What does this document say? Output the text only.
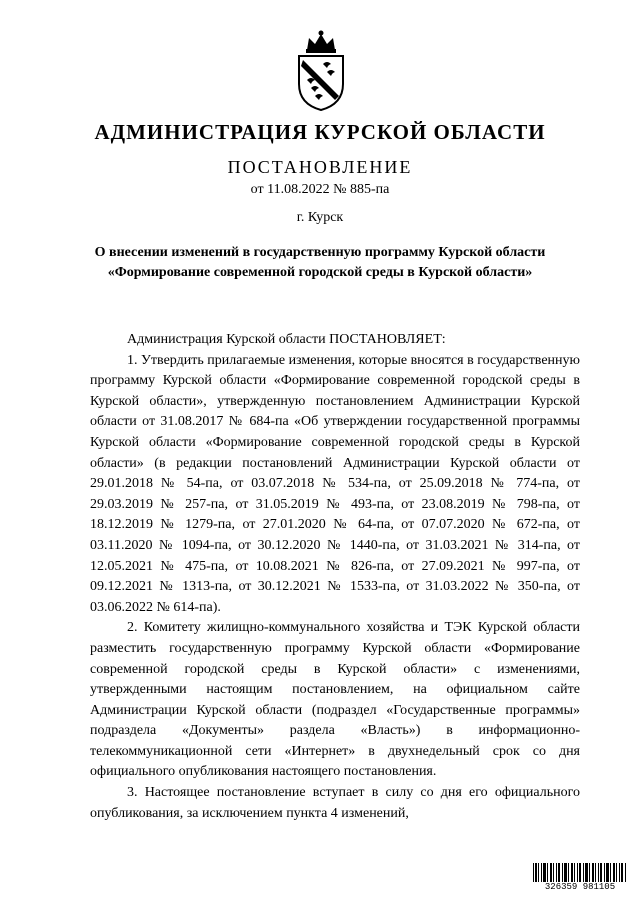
АДМИНИСТРАЦИЯ КУРСКОЙ ОБЛАСТИ
ПОСТАНОВЛЕНИЕ
от 11.08.2022 № 885-па
г. Курск
О внесении изменений в государственную программу Курской области «Формирование современной городской среды в Курской области»

Администрация Курской области ПОСТАНОВЛЯЕТ:

1. Утвердить прилагаемые изменения, которые вносятся в государственную программу Курской области «Формирование современной городской среды в Курской области», утвержденную постановлением Администрации Курской области от 31.08.2017 № 684-па «Об утверждении государственной программы Курской области «Формирование современной городской среды в Курской области» (в редакции постановлений Администрации Курской области от 29.01.2018 № 54-па, от 03.07.2018 № 534-па, от 25.09.2018 № 774-па, от 29.03.2019 № 257-па, от 31.05.2019 № 493-па, от 23.08.2019 № 798-па, от 18.12.2019 № 1279-па, от 27.01.2020 № 64-па, от 07.07.2020 № 672-па, от 03.11.2020 № 1094-па, от 30.12.2020 № 1440-па, от 31.03.2021 № 314-па, от 12.05.2021 № 475-па, от 10.08.2021 № 826-па, от 27.09.2021 № 997-па, от 09.12.2021 № 1313-па, от 30.12.2021 № 1533-па, от 31.03.2022 № 350-па, от 03.06.2022 № 614-па).

2. Комитету жилищно-коммунального хозяйства и ТЭК Курской области разместить государственную программу Курской области «Формирование современной городской среды в Курской области» с изменениями, утвержденными настоящим постановлением, на официальном сайте Администрации Курской области (подраздел «Государственные программы» подраздела «Документы» раздела «Власть») в информационно-телекоммуникационной сети «Интернет» в двухнедельный срок со дня официального опубликования настоящего постановления.

3. Настоящее постановление вступает в силу со дня его официального опубликования, за исключением пункта 4 изменений,

326359 981105
